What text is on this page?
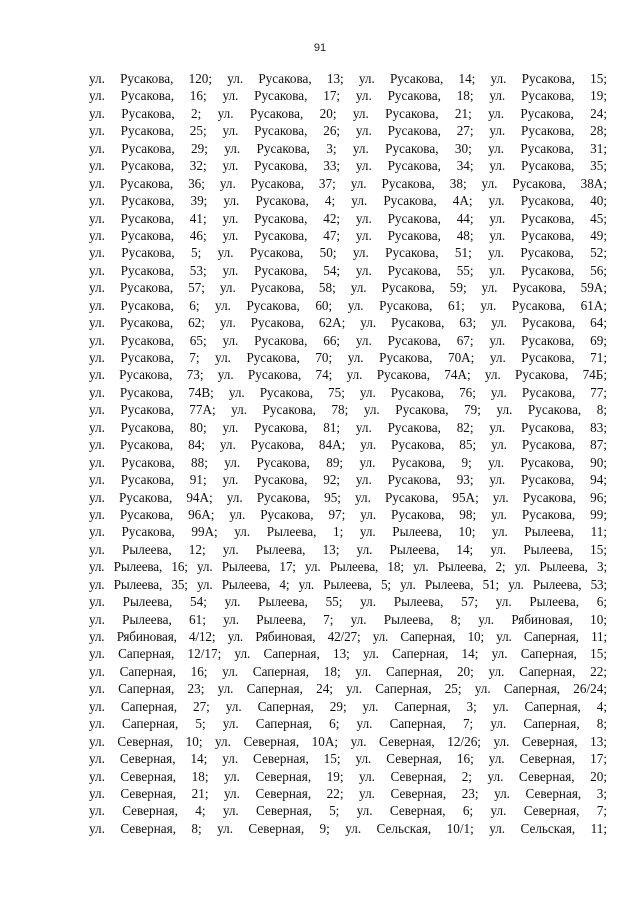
91
ул. Русакова, 120; ул. Русакова, 13; ул. Русакова, 14; ул. Русакова, 15;
ул. Русакова, 16; ул. Русакова, 17; ул. Русакова, 18; ул. Русакова, 19;
ул. Русакова, 2; ул. Русакова, 20; ул. Русакова, 21; ул. Русакова, 24;
ул. Русакова, 25; ул. Русакова, 26; ул. Русакова, 27; ул. Русакова, 28;
ул. Русакова, 29; ул. Русакова, 3; ул. Русакова, 30; ул. Русакова, 31;
ул. Русакова, 32; ул. Русакова, 33; ул. Русакова, 34; ул. Русакова, 35;
ул. Русакова, 36; ул. Русакова, 37; ул. Русакова, 38; ул. Русакова, 38А;
ул. Русакова, 39; ул. Русакова, 4; ул. Русакова, 4А; ул. Русакова, 40;
ул. Русакова, 41; ул. Русакова, 42; ул. Русакова, 44; ул. Русакова, 45;
ул. Русакова, 46; ул. Русакова, 47; ул. Русакова, 48; ул. Русакова, 49;
ул. Русакова, 5; ул. Русакова, 50; ул. Русакова, 51; ул. Русакова, 52;
ул. Русакова, 53; ул. Русакова, 54; ул. Русакова, 55; ул. Русакова, 56;
ул. Русакова, 57; ул. Русакова, 58; ул. Русакова, 59; ул. Русакова, 59А;
ул. Русакова, 6; ул. Русакова, 60; ул. Русакова, 61; ул. Русакова, 61А;
ул. Русакова, 62; ул. Русакова, 62А; ул. Русакова, 63; ул. Русакова, 64;
ул. Русакова, 65; ул. Русакова, 66; ул. Русакова, 67; ул. Русакова, 69;
ул. Русакова, 7; ул. Русакова, 70; ул. Русакова, 70А; ул. Русакова, 71;
ул. Русакова, 73; ул. Русакова, 74; ул. Русакова, 74А; ул. Русакова, 74Б;
ул. Русакова, 74В; ул. Русакова, 75; ул. Русакова, 76; ул. Русакова, 77;
ул. Русакова, 77А; ул. Русакова, 78; ул. Русакова, 79; ул. Русакова, 8;
ул. Русакова, 80; ул. Русакова, 81; ул. Русакова, 82; ул. Русакова, 83;
ул. Русакова, 84; ул. Русакова, 84А; ул. Русакова, 85; ул. Русакова, 87;
ул. Русакова, 88; ул. Русакова, 89; ул. Русакова, 9; ул. Русакова, 90;
ул. Русакова, 91; ул. Русакова, 92; ул. Русакова, 93; ул. Русакова, 94;
ул. Русакова, 94А; ул. Русакова, 95; ул. Русакова, 95А; ул. Русакова, 96;
ул. Русакова, 96А; ул. Русакова, 97; ул. Русакова, 98; ул. Русакова, 99;
ул. Русакова, 99А; ул. Рылеева, 1; ул. Рылеева, 10; ул. Рылеева, 11;
ул. Рылеева, 12; ул. Рылеева, 13; ул. Рылеева, 14; ул. Рылеева, 15;
ул. Рылеева, 16; ул. Рылеева, 17; ул. Рылеева, 18; ул. Рылеева, 2; ул. Рылеева, 3;
ул. Рылеева, 35; ул. Рылеева, 4; ул. Рылеева, 5; ул. Рылеева, 51; ул. Рылеева, 53;
ул. Рылеева, 54; ул. Рылеева, 55; ул. Рылеева, 57; ул. Рылеева, 6;
ул. Рылеева, 61; ул. Рылеева, 7; ул. Рылеева, 8; ул. Рябиновая, 10;
ул. Рябиновая, 4/12; ул. Рябиновая, 42/27; ул. Саперная, 10; ул. Саперная, 11;
ул. Саперная, 12/17; ул. Саперная, 13; ул. Саперная, 14; ул. Саперная, 15;
ул. Саперная, 16; ул. Саперная, 18; ул. Саперная, 20; ул. Саперная, 22;
ул. Саперная, 23; ул. Саперная, 24; ул. Саперная, 25; ул. Саперная, 26/24;
ул. Саперная, 27; ул. Саперная, 29; ул. Саперная, 3; ул. Саперная, 4;
ул. Саперная, 5; ул. Саперная, 6; ул. Саперная, 7; ул. Саперная, 8;
ул. Северная, 10; ул. Северная, 10А; ул. Северная, 12/26; ул. Северная, 13;
ул. Северная, 14; ул. Северная, 15; ул. Северная, 16; ул. Северная, 17;
ул. Северная, 18; ул. Северная, 19; ул. Северная, 2; ул. Северная, 20;
ул. Северная, 21; ул. Северная, 22; ул. Северная, 23; ул. Северная, 3;
ул. Северная, 4; ул. Северная, 5; ул. Северная, 6; ул. Северная, 7;
ул. Северная, 8; ул. Северная, 9; ул. Сельская, 10/1; ул. Сельская, 11;
